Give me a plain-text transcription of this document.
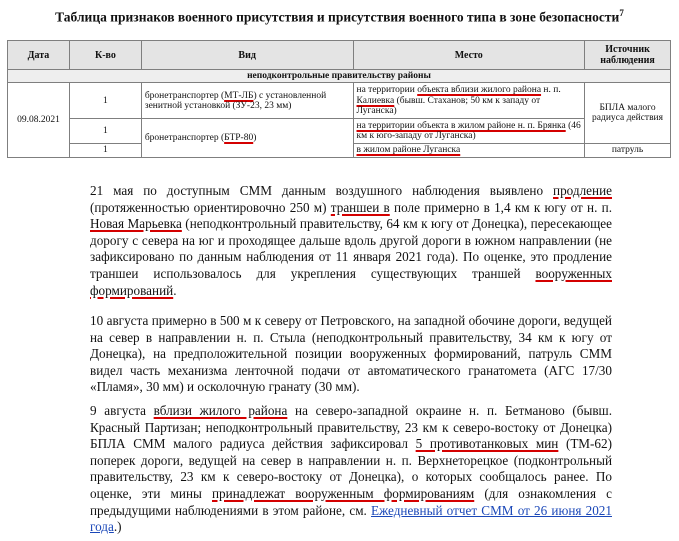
Таблица признаков военного присутствия и присутствия военного типа в зоне безопасности$^7$
Дата	К-во	Вид	Место	Источник наблюдения
неподконтрольные правительству районы				
09.08.2021	1	бронетранспортер (МТ-ЛБ) с установленной зенитной установкой (ЗУ-23, 23 мм)	на территории объекта вблизи жилого района н. п. Калиевка (бывш. Стаханов; 50 км к западу от Луганска)	БПЛА малого радиуса действия
	1	бронетранспортер (БТР-80)	на территории объекта в жилом районе н. п. Брянка (46 км к юго-западу от Луганска)	
	1		в жилом районе Луганска	патруль
21 мая по доступным СММ данным воздушного наблюдения выявлено продление (протяженностью ориентировочно 250 м) траншеи в поле примерно в 1,4 км к югу от н. п. Новая Марьевка (неподконтрольный правительству, 64 км к югу от Донецка), пересекающее дорогу с севера на юг и проходящее дальше вдоль другой дороги в южном направлении (не зафиксировано по данным наблюдения от 11 января 2021 года). По оценке, это продление траншеи использовалось для укрепления существующих траншей вооруженных формирований.
10 августа примерно в 500 м к северу от Петровского, на западной обочине дороги, ведущей на север в направлении н. п. Стыла (неподконтрольный правительству, 34 км к югу от Донецка), на предположительной позиции вооруженных формирований, патруль СММ видел часть механизма ленточной подачи от автоматического гранатомета (АГС 17/30 «Пламя», 30 мм) и осколочную гранату (30 мм).
9 августа вблизи жилого района на северо-западной окраине н. п. Бетманово (бывш. Красный Партизан; неподконтрольный правительству, 23 км к северо-востоку от Донецка) БПЛА СММ малого радиуса действия зафиксировал 5 противотанковых мин (ТМ-62) поперек дороги, ведущей на север в направлении н. п. Верхнеторецкое (подконтрольный правительству, 23 км к северо-востоку от Донецка), о которых сообщалось ранее. По оценке, эти мины принадлежат вооруженным формированиям (для ознакомления с предыдущими наблюдениями в этом районе, см. Ежедневный отчет СММ от 26 июня 2021 года.)
